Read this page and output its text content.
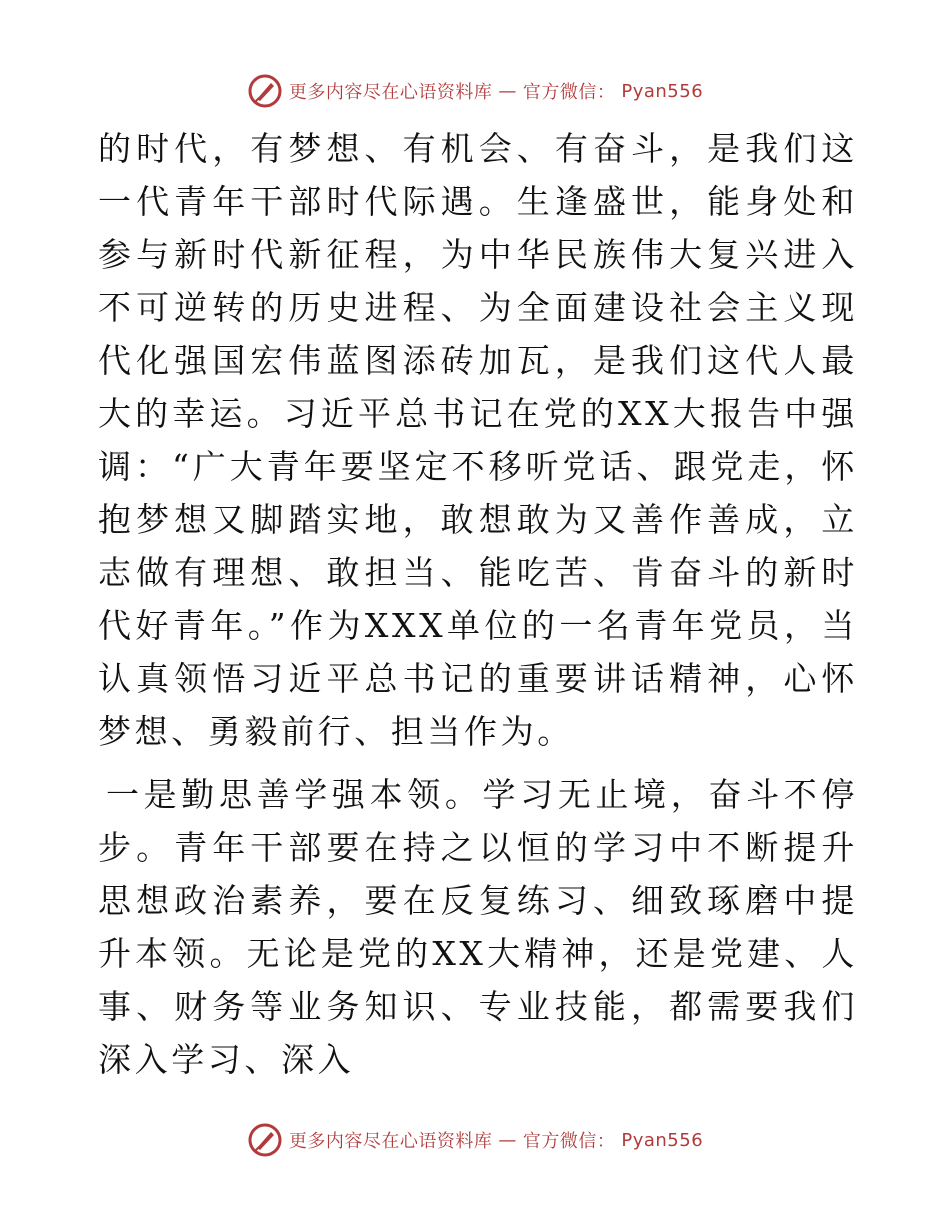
更多内容尽在心语资料库 — 官方微信： Pyan556

的时代，有梦想、有机会、有奋斗，是我们这一代青年干部时代际遇。生逢盛世，能身处和参与新时代新征程，为中华民族伟大复兴进入不可逆转的历史进程、为全面建设社会主义现代化强国宏伟蓝图添砖加瓦，是我们这代人最大的幸运。习近平总书记在党的XX大报告中强调：“广大青年要坚定不移听党话、跟党走，怀抱梦想又脚踏实地，敢想敢为又善作善成，立志做有理想、敢担当、能吃苦、肯奋斗的新时代好青年。”作为XXX单位的一名青年党员，当认真领悟习近平总书记的重要讲话精神，心怀梦想、勇毅前行、担当作为。

一是勤思善学强本领。学习无止境，奋斗不停步。青年干部要在持之以恒的学习中不断提升思想政治素养，要在反复练习、细致琢磨中提升本领。无论是党的XX大精神，还是党建、人事、财务等业务知识、专业技能，都需要我们深入学习、深入

更多内容尽在心语资料库 — 官方微信： Pyan556
